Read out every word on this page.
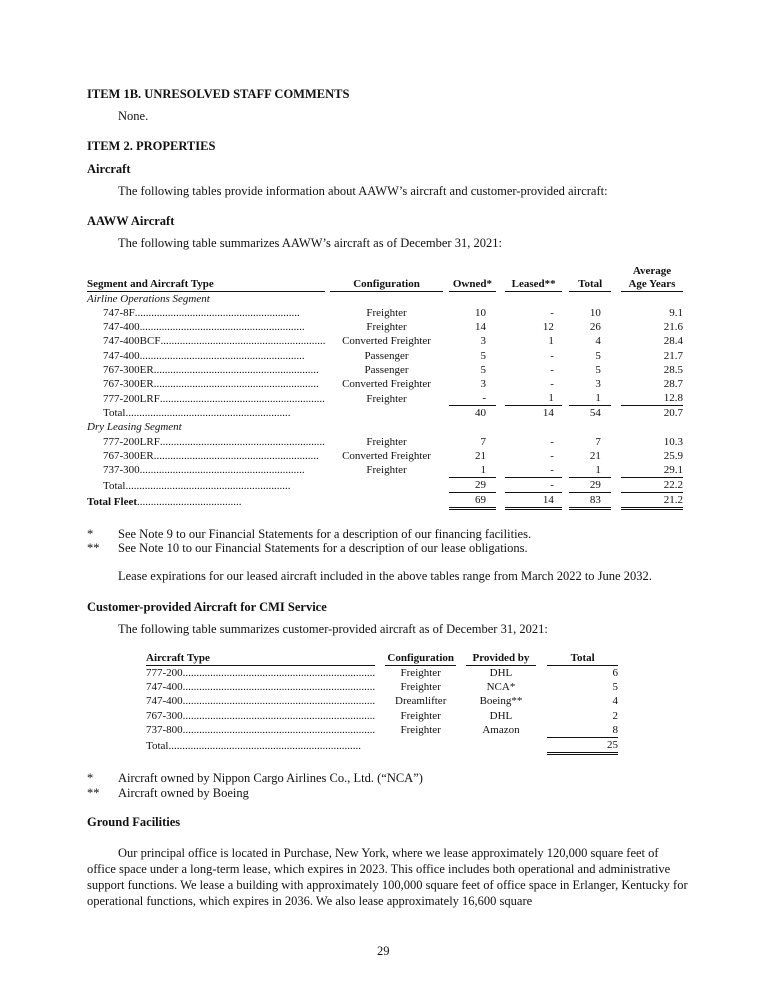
ITEM 1B. UNRESOLVED STAFF COMMENTS
None.
ITEM 2. PROPERTIES
Aircraft
The following tables provide information about AAWW’s aircraft and customer-provided aircraft:
AAWW Aircraft
The following table summarizes AAWW’s aircraft as of December 31, 2021:
Segment and Aircraft Type		Configuration		Owned*		Leased**		Total		Average
Age Years
Airline Operations Segment										
747-8F............................................................		Freighter		10		-		10		9.1
747-400............................................................		Freighter		14		12		26		21.6
747-400BCF............................................................		Converted Freighter		3		1		4		28.4
747-400............................................................		Passenger		5		-		5		21.7
767-300ER............................................................		Passenger		5		-		5		28.5
767-300ER............................................................		Converted Freighter		3		-		3		28.7
777-200LRF............................................................		Freighter		-		1		1		12.8
Total............................................................				40		14		54		20.7
Dry Leasing Segment										
777-200LRF............................................................		Freighter		7		-		7		10.3
767-300ER............................................................		Converted Freighter		21		-		21		25.9
737-300............................................................		Freighter		1		-		1		29.1
Total............................................................				29		-		29		22.2
Total Fleet......................................				69		14		83		21.2
* See Note 9 to our Financial Statements for a description of our financing facilities.
** See Note 10 to our Financial Statements for a description of our lease obligations.
Lease expirations for our leased aircraft included in the above tables range from March 2022 to June 2032.
Customer-provided Aircraft for CMI Service
The following table summarizes customer-provided aircraft as of December 31, 2021:
Aircraft Type		Configuration		Provided by		Total
777-200......................................................................		Freighter		DHL		6
747-400......................................................................		Freighter		NCA*		5
747-400......................................................................		Dreamlifter		Boeing**		4
767-300......................................................................		Freighter		DHL		2
737-800......................................................................		Freighter		Amazon		8
Total......................................................................						25
* Aircraft owned by Nippon Cargo Airlines Co., Ltd. (“NCA”)
** Aircraft owned by Boeing
Ground Facilities
Our principal office is located in Purchase, New York, where we lease approximately 120,000 square feet of office space under a long-term lease, which expires in 2023. This office includes both operational and administrative support functions. We lease a building with approximately 100,000 square feet of office space in Erlanger, Kentucky for operational functions, which expires in 2036. We also lease approximately 16,600 square
29
